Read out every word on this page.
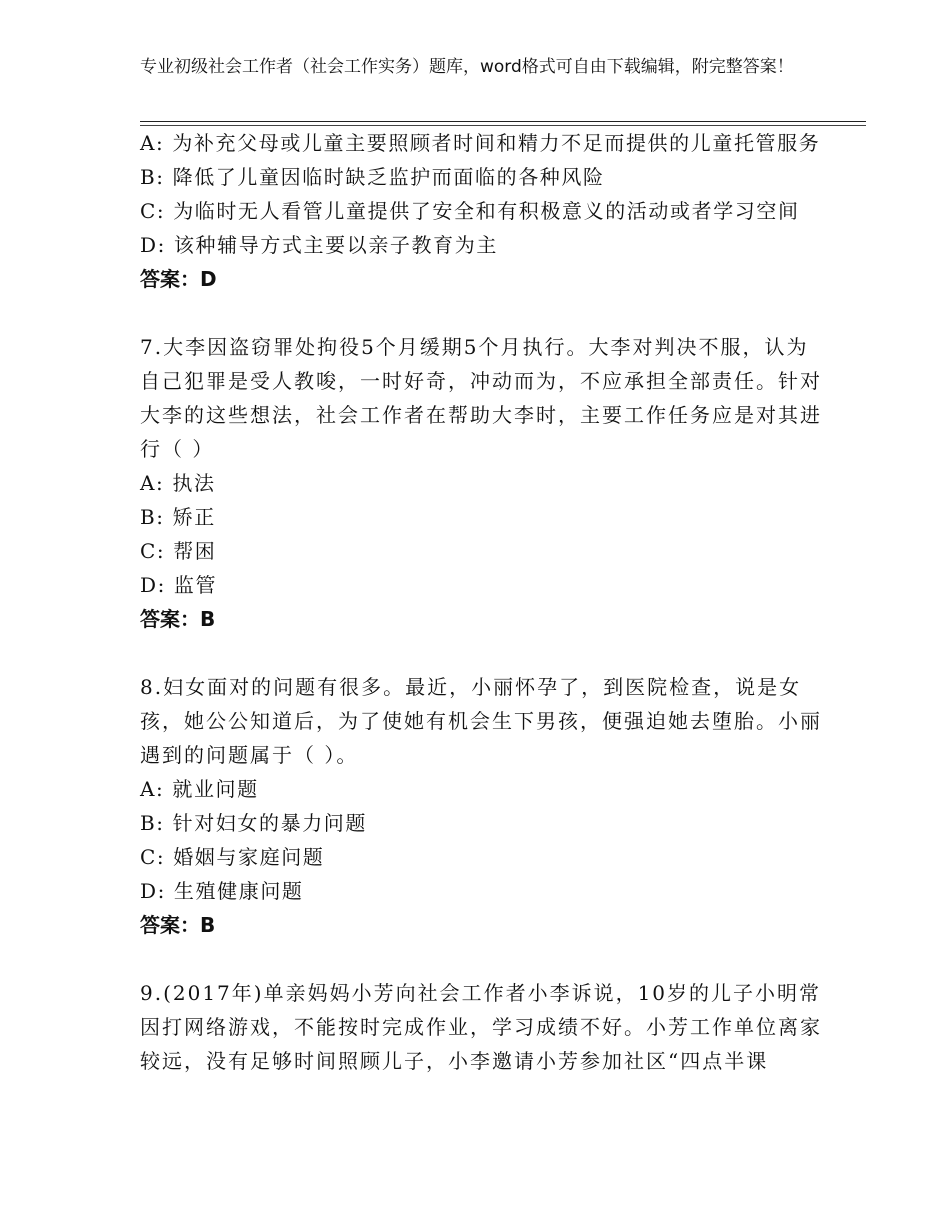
专业初级社会工作者（社会工作实务）题库，word格式可自由下载编辑，附完整答案！
A: 为补充父母或儿童主要照顾者时间和精力不足而提供的儿童托管服务
B: 降低了儿童因临时缺乏监护而面临的各种风险
C: 为临时无人看管儿童提供了安全和有积极意义的活动或者学习空间
D: 该种辅导方式主要以亲子教育为主
答案：D
7.大李因盗窃罪处拘役5个月缓期5个月执行。大李对判决不服，认为自己犯罪是受人教唆，一时好奇，冲动而为，不应承担全部责任。针对大李的这些想法，社会工作者在帮助大李时，主要工作任务应是对其进行（ ）
A: 执法
B: 矫正
C: 帮困
D: 监管
答案：B
8.妇女面对的问题有很多。最近，小丽怀孕了，到医院检查，说是女孩，她公公知道后，为了使她有机会生下男孩，便强迫她去堕胎。小丽遇到的问题属于（ ）。
A: 就业问题
B: 针对妇女的暴力问题
C: 婚姻与家庭问题
D: 生殖健康问题
答案：B
9.(2017年)单亲妈妈小芳向社会工作者小李诉说，10岁的儿子小明常因打网络游戏，不能按时完成作业，学习成绩不好。小芳工作单位离家较远，没有足够时间照顾儿子，小李邀请小芳参加社区“四点半课
